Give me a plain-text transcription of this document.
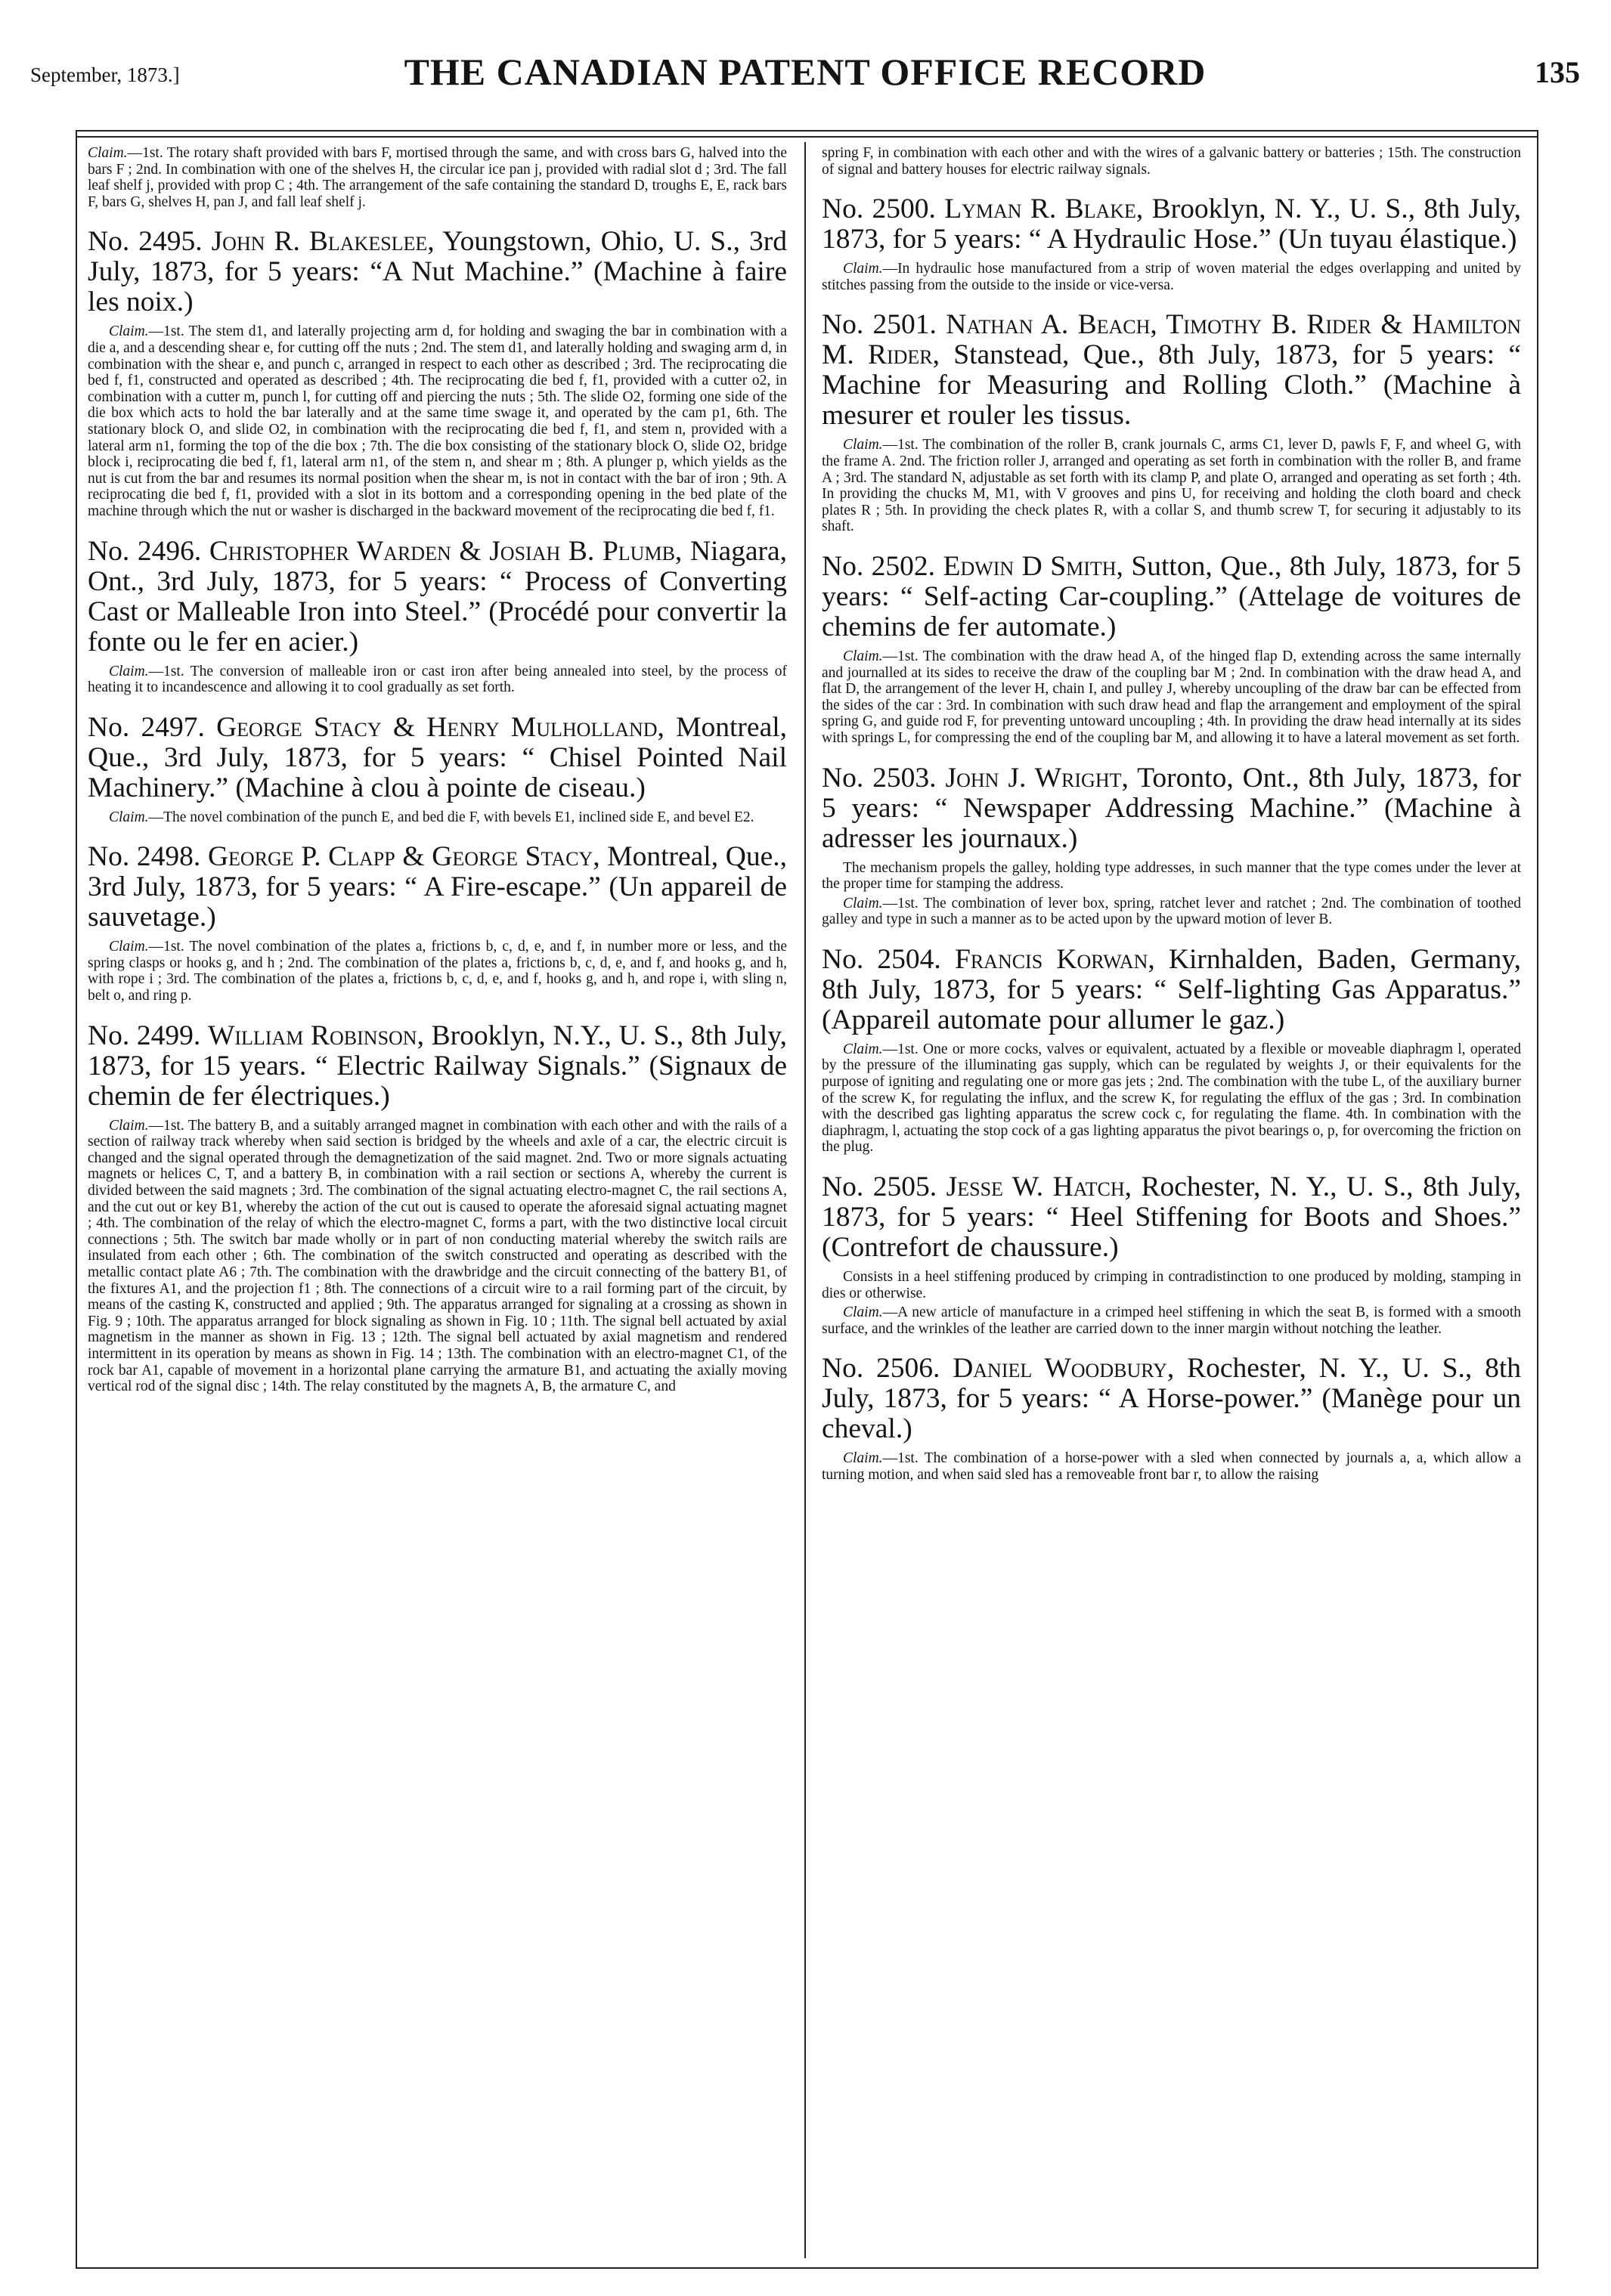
September, 1873.]	THE CANADIAN PATENT OFFICE RECORD	135

Claim.—1st. The rotary shaft provided with bars F, mortised through the same, and with cross bars G, halved into the bars F ; 2nd. In combination with one of the shelves H, the circular ice pan j, provided with radial slot d ; 3rd. The fall leaf shelf j, provided with prop C ; 4th. The arrangement of the safe containing the standard D, troughs E, E, rack bars F, bars G, shelves H, pan J, and fall leaf shelf j.

No. 2495. John R. Blakeslee, Youngstown, Ohio, U. S., 3rd July, 1873, for 5 years: “A Nut Machine.” (Machine à faire les noix.)

Claim.—1st. The stem d1, and laterally projecting arm d, for holding and swaging the bar in combination with a die a, and a descending shear e, for cutting off the nuts ; 2nd. The stem d1, and laterally holding and swaging arm d, in combination with the shear e, and punch c, arranged in respect to each other as described ; 3rd. The reciprocating die bed f, f1, constructed and operated as described ; 4th. The reciprocating die bed f, f1, provided with a cutter o2, in combination with a cutter m, punch l, for cutting off and piercing the nuts ; 5th. The slide O2, forming one side of the die box which acts to hold the bar laterally and at the same time swage it, and operated by the cam p1, 6th. The stationary block O, and slide O2, in combination with the reciprocating die bed f, f1, and stem n, provided with a lateral arm n1, forming the top of the die box ; 7th. The die box consisting of the stationary block O, slide O2, bridge block i, reciprocating die bed f, f1, lateral arm n1, of the stem n, and shear m ; 8th. A plunger p, which yields as the nut is cut from the bar and resumes its normal position when the shear m, is not in contact with the bar of iron ; 9th. A reciprocating die bed f, f1, provided with a slot in its bottom and a corresponding opening in the bed plate of the machine through which the nut or washer is discharged in the backward movement of the reciprocating die bed f, f1.

No. 2496. Christopher Warden & Josiah B. Plumb, Niagara, Ont., 3rd July, 1873, for 5 years: “ Process of Converting Cast or Malleable Iron into Steel.” (Procédé pour convertir la fonte ou le fer en acier.)

Claim.—1st. The conversion of malleable iron or cast iron after being annealed into steel, by the process of heating it to incandescence and allowing it to cool gradually as set forth.

No. 2497. George Stacy & Henry Mulholland, Montreal, Que., 3rd July, 1873, for 5 years: “ Chisel Pointed Nail Machinery.” (Machine à clou à pointe de ciseau.)

Claim.—The novel combination of the punch E, and bed die F, with bevels E1, inclined side E, and bevel E2.

No. 2498. George P. Clapp & George Stacy, Montreal, Que., 3rd July, 1873, for 5 years: “ A Fire-escape.” (Un appareil de sauvetage.)

Claim.—1st. The novel combination of the plates a, frictions b, c, d, e, and f, in number more or less, and the spring clasps or hooks g, and h ; 2nd. The combination of the plates a, frictions b, c, d, e, and f, and hooks g, and h, with rope i ; 3rd. The combination of the plates a, frictions b, c, d, e, and f, hooks g, and h, and rope i, with sling n, belt o, and ring p.

No. 2499. William Robinson, Brooklyn, N.Y., U. S., 8th July, 1873, for 15 years. “ Electric Railway Signals.” (Signaux de chemin de fer électriques.)

Claim.—1st. The battery B, and a suitably arranged magnet in combination with each other and with the rails of a section of railway track whereby when said section is bridged by the wheels and axle of a car, the electric circuit is changed and the signal operated through the demagnetization of the said magnet. 2nd. Two or more signals actuating magnets or helices C, T, and a battery B, in combination with a rail section or sections A, whereby the current is divided between the said magnets ; 3rd. The combination of the signal actuating electro-magnet C, the rail sections A, and the cut out or key B1, whereby the action of the cut out is caused to operate the aforesaid signal actuating magnet ; 4th. The combination of the relay of which the electro-magnet C, forms a part, with the two distinctive local circuit connections ; 5th. The switch bar made wholly or in part of non conducting material whereby the switch rails are insulated from each other ; 6th. The combination of the switch constructed and operating as described with the metallic contact plate A6 ; 7th. The combination with the drawbridge and the circuit connecting of the battery B1, of the fixtures A1, and the projection f1 ; 8th. The connections of a circuit wire to a rail forming part of the circuit, by means of the casting K, constructed and applied ; 9th. The apparatus arranged for signaling at a crossing as shown in Fig. 9 ; 10th. The apparatus arranged for block signaling as shown in Fig. 10 ; 11th. The signal bell actuated by axial magnetism in the manner as shown in Fig. 13 ; 12th. The signal bell actuated by axial magnetism and rendered intermittent in its operation by means as shown in Fig. 14 ; 13th. The combination with an electro-magnet C1, of the rock bar A1, capable of movement in a horizontal plane carrying the armature B1, and actuating the axially moving vertical rod of the signal disc ; 14th. The relay constituted by the magnets A, B, the armature C, and

spring F, in combination with each other and with the wires of a galvanic battery or batteries ; 15th. The construction of signal and battery houses for electric railway signals.

No. 2500. Lyman R. Blake, Brooklyn, N. Y., U. S., 8th July, 1873, for 5 years: “ A Hydraulic Hose.” (Un tuyau élastique.)

Claim.—In hydraulic hose manufactured from a strip of woven material the edges overlapping and united by stitches passing from the outside to the inside or vice-versa.

No. 2501. Nathan A. Beach, Timothy B. Rider & Hamilton M. Rider, Stanstead, Que., 8th July, 1873, for 5 years: “ Machine for Measuring and Rolling Cloth.” (Machine à mesurer et rouler les tissus.

Claim.—1st. The combination of the roller B, crank journals C, arms C1, lever D, pawls F, F, and wheel G, with the frame A. 2nd. The friction roller J, arranged and operating as set forth in combination with the roller B, and frame A ; 3rd. The standard N, adjustable as set forth with its clamp P, and plate O, arranged and operating as set forth ; 4th. In providing the chucks M, M1, with V grooves and pins U, for receiving and holding the cloth board and check plates R ; 5th. In providing the check plates R, with a collar S, and thumb screw T, for securing it adjustably to its shaft.

No. 2502. Edwin D Smith, Sutton, Que., 8th July, 1873, for 5 years: “ Self-acting Car-coupling.” (Attelage de voitures de chemins de fer automate.)

Claim.—1st. The combination with the draw head A, of the hinged flap D, extending across the same internally and journalled at its sides to receive the draw of the coupling bar M ; 2nd. In combination with the draw head A, and flat D, the arrangement of the lever H, chain I, and pulley J, whereby uncoupling of the draw bar can be effected from the sides of the car : 3rd. In combination with such draw head and flap the arrangement and employment of the spiral spring G, and guide rod F, for preventing untoward uncoupling ; 4th. In providing the draw head internally at its sides with springs L, for compressing the end of the coupling bar M, and allowing it to have a lateral movement as set forth.

No. 2503. John J. Wright, Toronto, Ont., 8th July, 1873, for 5 years: “ Newspaper Addressing Machine.” (Machine à adresser les journaux.)

The mechanism propels the galley, holding type addresses, in such manner that the type comes under the lever at the proper time for stamping the address.

Claim.—1st. The combination of lever box, spring, ratchet lever and ratchet ; 2nd. The combination of toothed galley and type in such a manner as to be acted upon by the upward motion of lever B.

No. 2504. Francis Korwan, Kirnhalden, Baden, Germany, 8th July, 1873, for 5 years: “ Self-lighting Gas Apparatus.” (Appareil automate pour allumer le gaz.)

Claim.—1st. One or more cocks, valves or equivalent, actuated by a flexible or moveable diaphragm l, operated by the pressure of the illuminating gas supply, which can be regulated by weights J, or their equivalents for the purpose of igniting and regulating one or more gas jets ; 2nd. The combination with the tube L, of the auxiliary burner of the screw K, for regulating the influx, and the screw K, for regulating the efflux of the gas ; 3rd. In combination with the described gas lighting apparatus the screw cock c, for regulating the flame. 4th. In combination with the diaphragm, l, actuating the stop cock of a gas lighting apparatus the pivot bearings o, p, for overcoming the friction on the plug.

No. 2505. Jesse W. Hatch, Rochester, N. Y., U. S., 8th July, 1873, for 5 years: “ Heel Stiffening for Boots and Shoes.” (Contrefort de chaussure.)

Consists in a heel stiffening produced by crimping in contradistinction to one produced by molding, stamping in dies or otherwise.

Claim.—A new article of manufacture in a crimped heel stiffening in which the seat B, is formed with a smooth surface, and the wrinkles of the leather are carried down to the inner margin without notching the leather.

No. 2506. Daniel Woodbury, Rochester, N. Y., U. S., 8th July, 1873, for 5 years: “ A Horse-power.” (Manège pour un cheval.)

Claim.—1st. The combination of a horse-power with a sled when connected by journals a, a, which allow a turning motion, and when said sled has a removeable front bar r, to allow the raising
